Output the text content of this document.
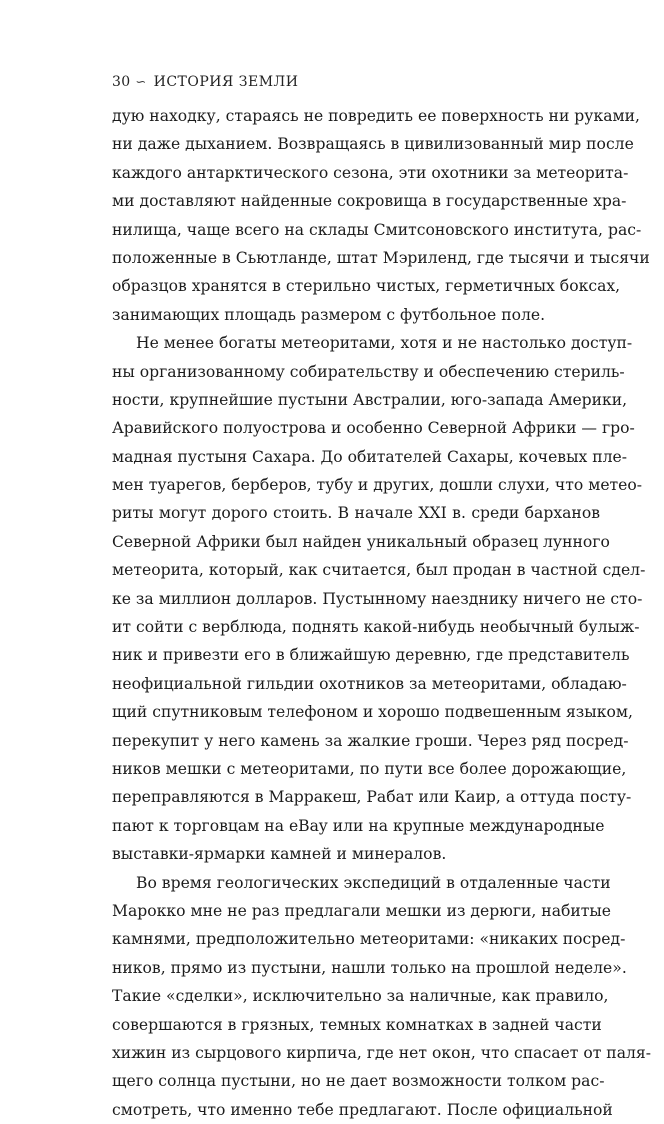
30 ∽ ИСТОРИЯ ЗЕМЛИ
дую находку, стараясь не повредить ее поверхность ни руками,
ни даже дыханием. Возвращаясь в цивилизованный мир после
каждого антарктического сезона, эти охотники за метеорита-
ми доставляют найденные сокровища в государственные хра-
нилища, чаще всего на склады Смитсоновского института, рас-
положенные в Сьютланде, штат Мэриленд, где тысячи и тысячи
образцов хранятся в стерильно чистых, герметичных боксах,
занимающих площадь размером с футбольное поле.
Не менее богаты метеоритами, хотя и не настолько доступ-
ны организованному собирательству и обеспечению стериль-
ности, крупнейшие пустыни Австралии, юго-запада Америки,
Аравийского полуострова и особенно Северной Африки — гро-
мадная пустыня Сахара. До обитателей Сахары, кочевых пле-
мен туарегов, берберов, тубу и других, дошли слухи, что метео-
риты могут дорого стоить. В начале XXI в. среди барханов
Северной Африки был найден уникальный образец лунного
метеорита, который, как считается, был продан в частной сдел-
ке за миллион долларов. Пустынному наезднику ничего не сто-
ит сойти с верблюда, поднять какой-нибудь необычный булыж-
ник и привезти его в ближайшую деревню, где представитель
неофициальной гильдии охотников за метеоритами, обладаю-
щий спутниковым телефоном и хорошо подвешенным языком,
перекупит у него камень за жалкие гроши. Через ряд посред-
ников мешки с метеоритами, по пути все более дорожающие,
переправляются в Марракеш, Рабат или Каир, а оттуда посту-
пают к торговцам на eBay или на крупные международные
выставки-ярмарки камней и минералов.
Во время геологических экспедиций в отдаленные части
Марокко мне не раз предлагали мешки из дерюги, набитые
камнями, предположительно метеоритами: «никаких посред-
ников, прямо из пустыни, нашли только на прошлой неделе».
Такие «сделки», исключительно за наличные, как правило,
совершаются в грязных, темных комнатках в задней части
хижин из сырцового кирпича, где нет окон, что спасает от паля-
щего солнца пустыни, но не дает возможности толком рас-
смотреть, что именно тебе предлагают. После официальной
